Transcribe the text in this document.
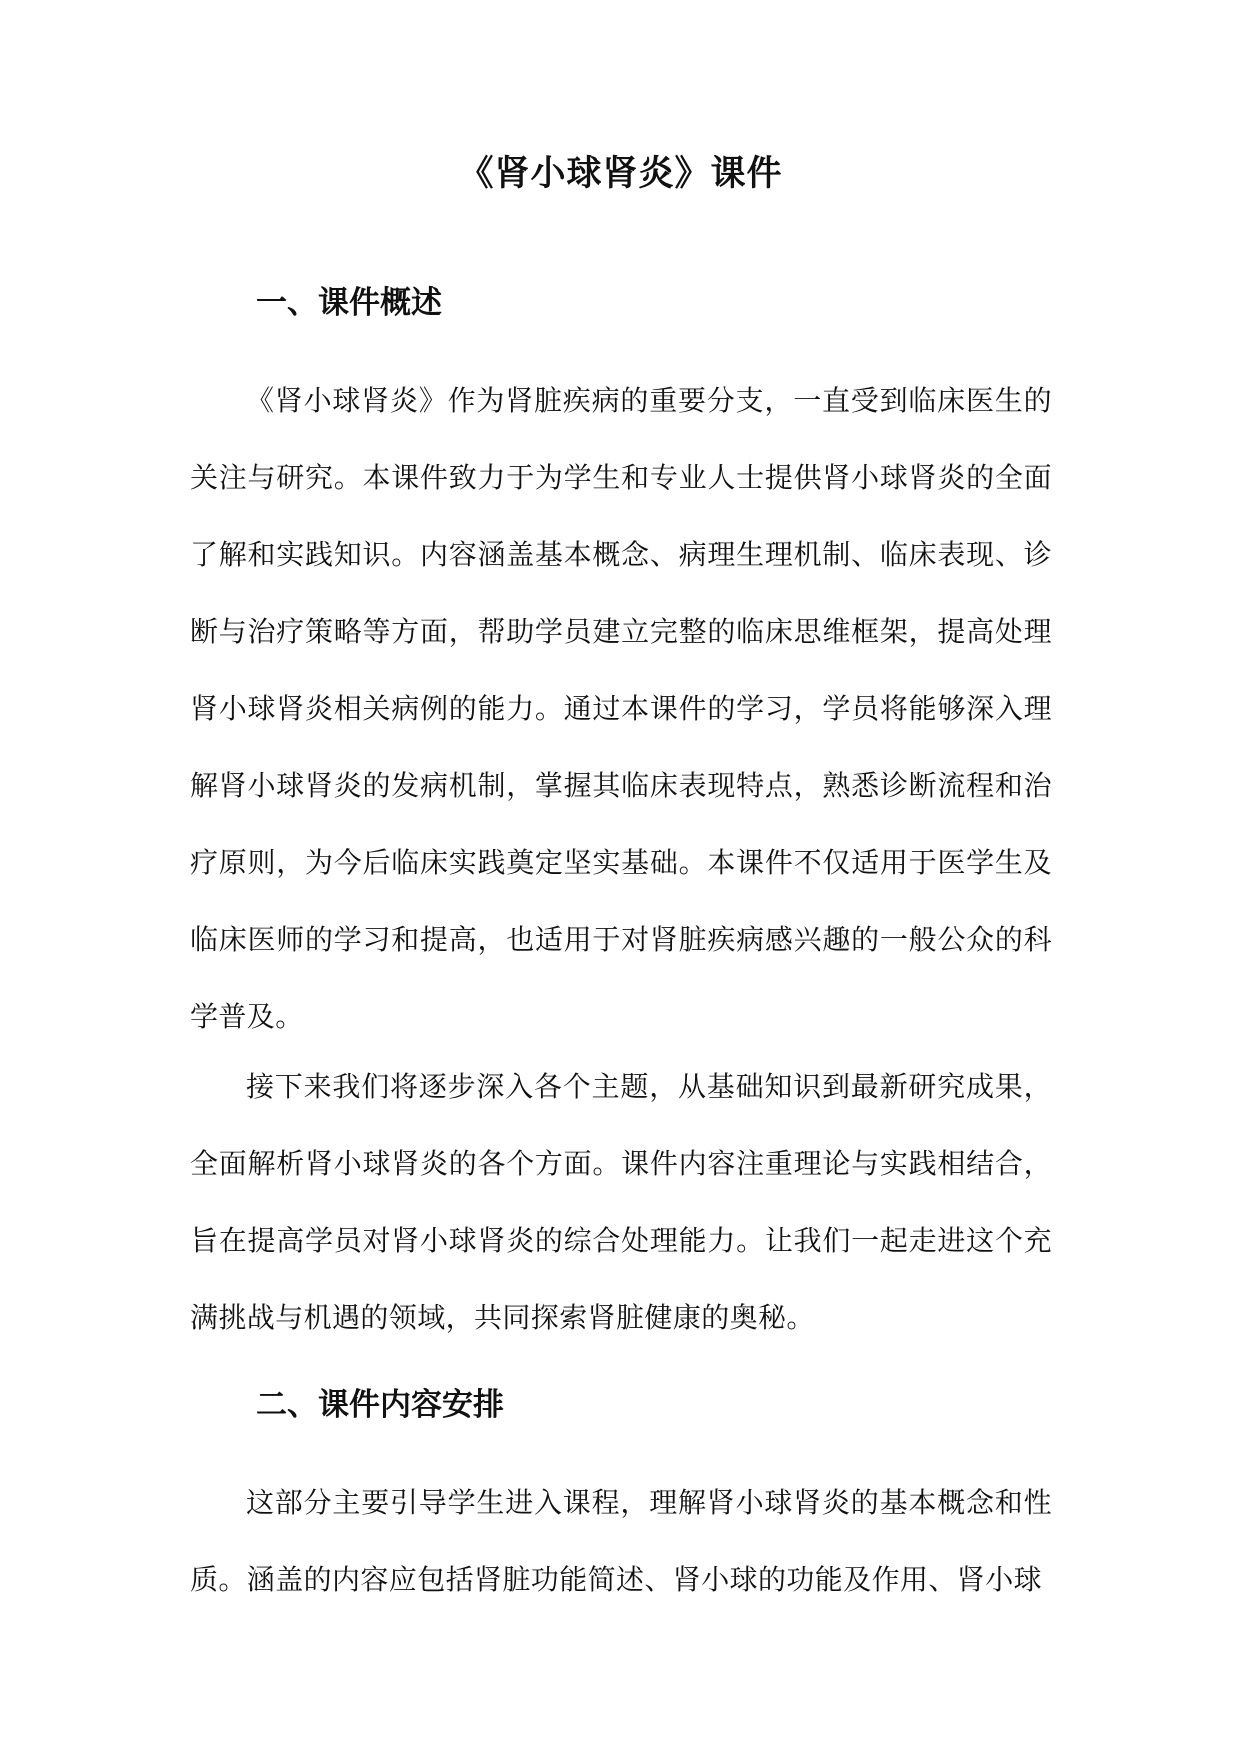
《肾小球肾炎》课件
一、课件概述

《肾小球肾炎》作为肾脏疾病的重要分支，一直受到临床医生的关注与研究。本课件致力于为学生和专业人士提供肾小球肾炎的全面了解和实践知识。内容涵盖基本概念、病理生理机制、临床表现、诊断与治疗策略等方面，帮助学员建立完整的临床思维框架，提高处理肾小球肾炎相关病例的能力。通过本课件的学习，学员将能够深入理解肾小球肾炎的发病机制，掌握其临床表现特点，熟悉诊断流程和治疗原则，为今后临床实践奠定坚实基础。本课件不仅适用于医学生及临床医师的学习和提高，也适用于对肾脏疾病感兴趣的一般公众的科学普及。

接下来我们将逐步深入各个主题，从基础知识到最新研究成果，全面解析肾小球肾炎的各个方面。课件内容注重理论与实践相结合，旨在提高学员对肾小球肾炎的综合处理能力。让我们一起走进这个充满挑战与机遇的领域，共同探索肾脏健康的奥秘。

二、课件内容安排

这部分主要引导学生进入课程，理解肾小球肾炎的基本概念和性质。涵盖的内容应包括肾脏功能简述、肾小球的功能及作用、肾小球
